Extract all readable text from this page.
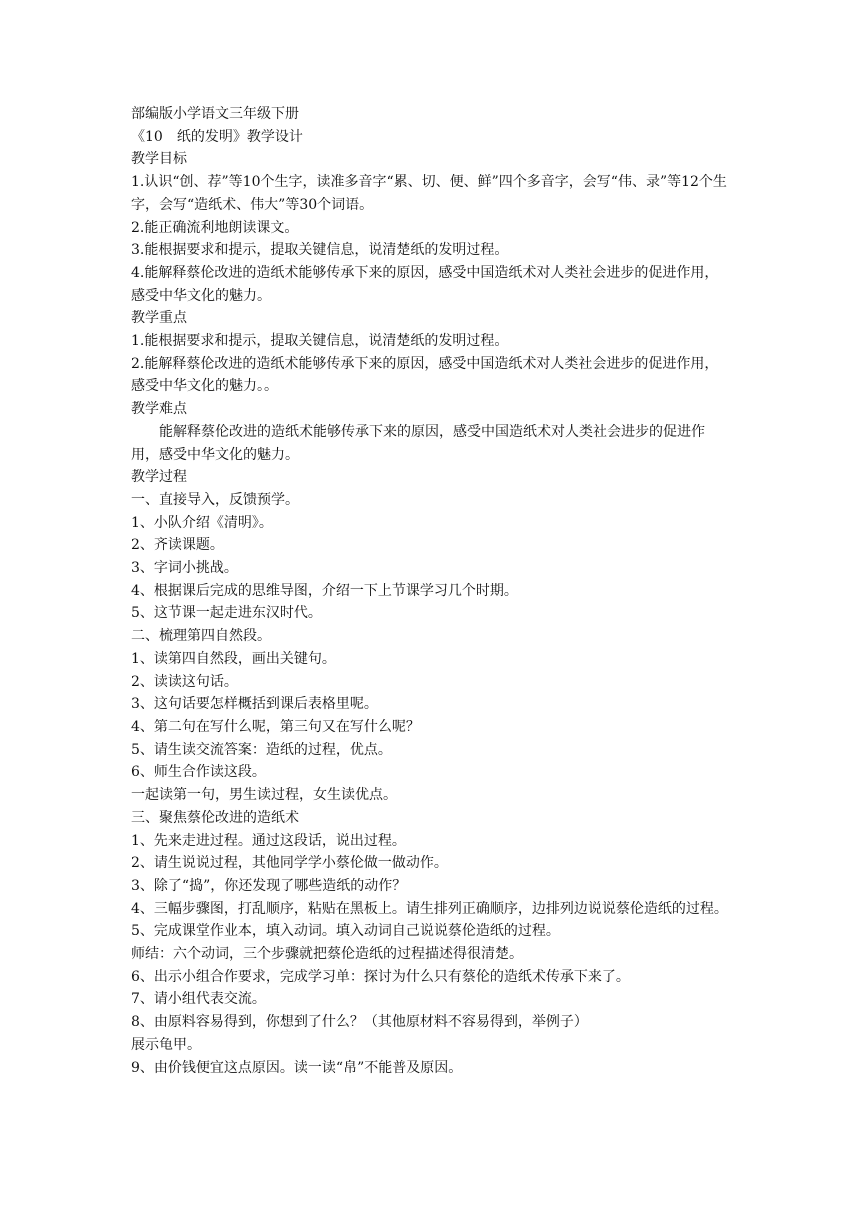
部编版小学语文三年级下册

《10　纸的发明》教学设计

教学目标

1.认识“创、荐”等10个生字，读准多音字“累、切、便、鲜”四个多音字，会写“伟、录”等12个生字，会写“造纸术、伟大”等30个词语。

2.能正确流利地朗读课文。

3.能根据要求和提示，提取关键信息，说清楚纸的发明过程。

4.能解释蔡伦改进的造纸术能够传承下来的原因，感受中国造纸术对人类社会进步的促进作用，感受中华文化的魅力。

教学重点

1.能根据要求和提示，提取关键信息，说清楚纸的发明过程。

2.能解释蔡伦改进的造纸术能够传承下来的原因，感受中国造纸术对人类社会进步的促进作用，感受中华文化的魅力。。

教学难点

能解释蔡伦改进的造纸术能够传承下来的原因，感受中国造纸术对人类社会进步的促进作用，感受中华文化的魅力。

教学过程

一、直接导入，反馈预学。

1、小队介绍《清明》。

2、齐读课题。

3、字词小挑战。

4、根据课后完成的思维导图，介绍一下上节课学习几个时期。

5、这节课一起走进东汉时代。

二、梳理第四自然段。

1、读第四自然段，画出关键句。

2、读读这句话。

3、这句话要怎样概括到课后表格里呢。

4、第二句在写什么呢，第三句又在写什么呢？

5、请生读交流答案：造纸的过程，优点。

6、师生合作读这段。

一起读第一句，男生读过程，女生读优点。

三、聚焦蔡伦改进的造纸术

1、先来走进过程。通过这段话，说出过程。

2、请生说说过程，其他同学学小蔡伦做一做动作。

3、除了“捣”，你还发现了哪些造纸的动作？

4、三幅步骤图，打乱顺序，粘贴在黑板上。请生排列正确顺序，边排列边说说蔡伦造纸的过程。

5、完成课堂作业本，填入动词。填入动词自己说说蔡伦造纸的过程。

师结：六个动词，三个步骤就把蔡伦造纸的过程描述得很清楚。

6、出示小组合作要求，完成学习单：探讨为什么只有蔡伦的造纸术传承下来了。

7、请小组代表交流。

8、由原料容易得到，你想到了什么？（其他原材料不容易得到，举例子）

展示龟甲。

9、由价钱便宜这点原因。读一读“帛”不能普及原因。
